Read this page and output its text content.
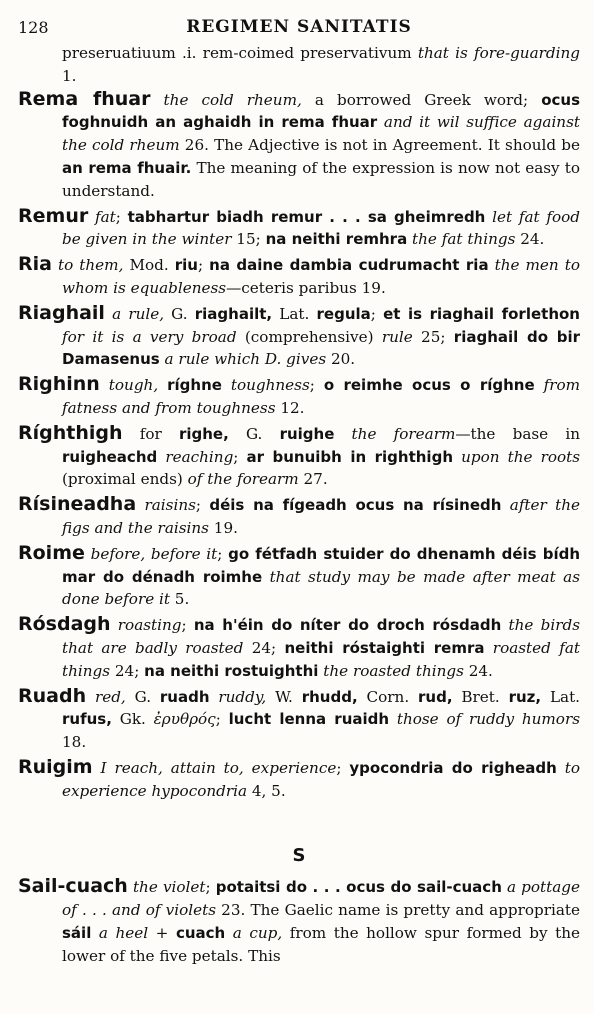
128	REGIMEN SANITATIS

preseruatiuum .i. rem-coimed preservativum that is fore-guarding 1.

Rema fhuar the cold rheum, a borrowed Greek word; ocus foghnuidh an aghaidh in rema fhuar and it wil suffice against the cold rheum 26. The Adjective is not in Agreement. It should be an rema fhuair. The meaning of the expression is now not easy to understand.

Remur fat; tabhartur biadh remur . . . sa gheimredh let fat food be given in the winter 15; na neithi remhra the fat things 24.

Ria to them, Mod. riu; na daine dambia cudrumacht ria the men to whom is equableness—ceteris paribus 19.

Riaghail a rule, G. riaghailt, Lat. regula; et is riaghail forlethon for it is a very broad (comprehensive) rule 25; riaghail do bir Damasenus a rule which D. gives 20.

Righinn tough, ríghne toughness; o reimhe ocus o ríghne from fatness and from toughness 12.

Ríghthigh for righe, G. ruighe the forearm—the base in ruigheachd reaching; ar bunuibh in righthigh upon the roots (proximal ends) of the forearm 27.

Rísineadha raisins; déis na fígeadh ocus na rísinedh after the figs and the raisins 19.

Roime before, before it; go fétfadh stuider do dhenamh déis bídh mar do dénadh roimhe that study may be made after meat as done before it 5.

Rósdagh roasting; na h'éin do níter do droch rósdadh the birds that are badly roasted 24; neithi róstaighti remra roasted fat things 24; na neithi rostuighthi the roasted things 24.

Ruadh red, G. ruadh ruddy, W. rhudd, Corn. rud, Bret. ruz, Lat. rufus, Gk. ἐρυθρός; lucht lenna ruaidh those of ruddy humors 18.

Ruigim I reach, attain to, experience; ypocondria do righeadh to experience hypocondria 4, 5.

S

Sail-cuach the violet; potaitsi do . . . ocus do sail-cuach a pottage of . . . and of violets 23. The Gaelic name is pretty and appropriate sáil a heel + cuach a cup, from the hollow spur formed by the lower of the five petals. This
